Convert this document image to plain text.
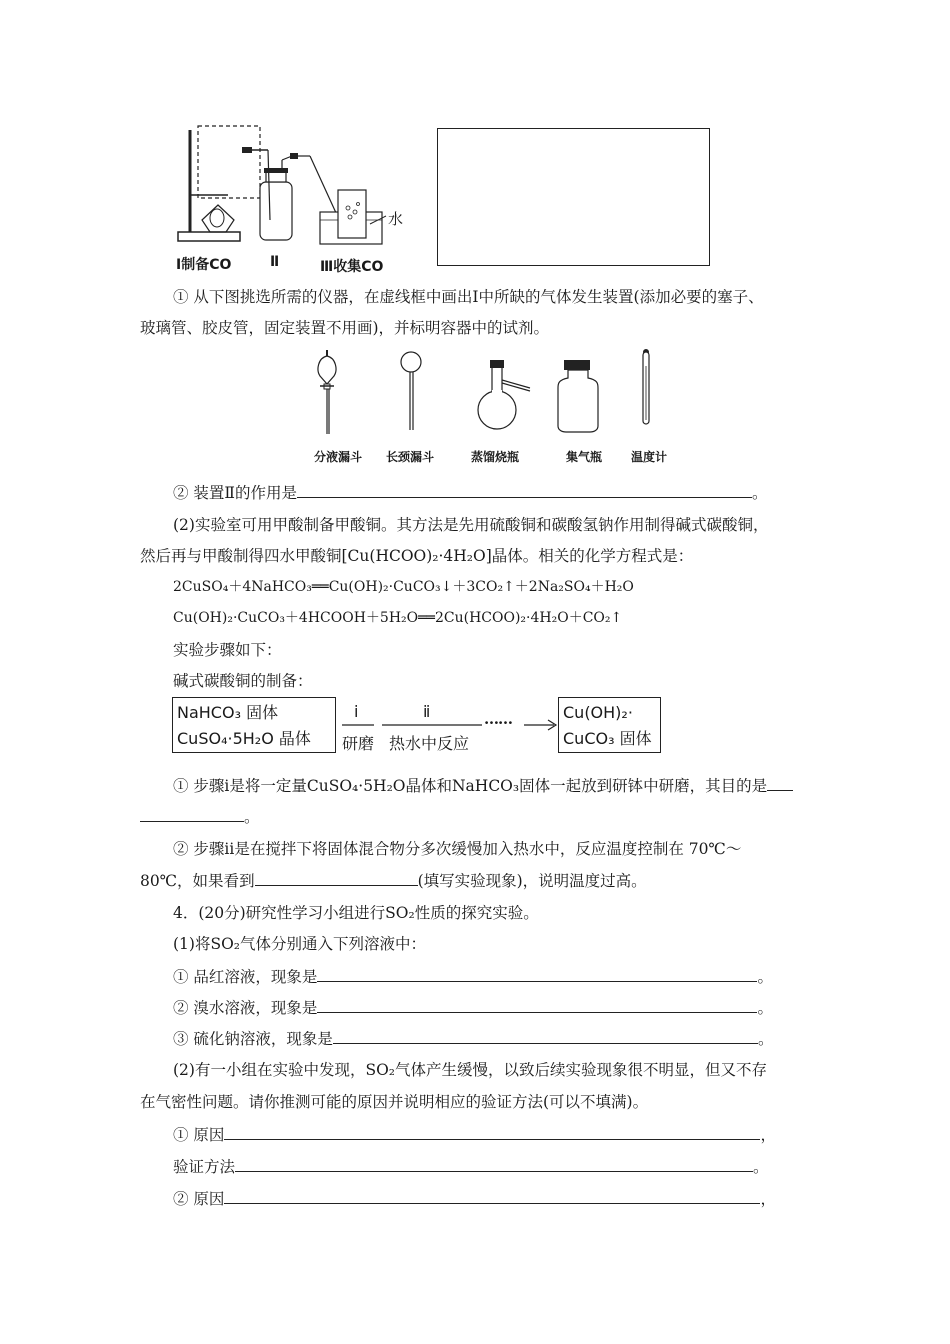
Ⅰ制备CO	Ⅱ	Ⅲ收集CO
水
① 从下图挑选所需的仪器，在虚线框中画出Ⅰ中所缺的气体发生装置(添加必要的塞子、
玻璃管、胶皮管，固定装置不用画)，并标明容器中的试剂。
分液漏斗 长颈漏斗	蒸馏烧瓶	集气瓶 温度计
② 装置Ⅱ的作用是	。
(2)实验室可用甲酸制备甲酸铜。其方法是先用硫酸铜和碳酸氢钠作用制得碱式碳酸铜，
然后再与甲酸制得四水甲酸铜[Cu(HCOO)₂·4H₂O]晶体。相关的化学方程式是：
2CuSO₄＋4NaHCO₃══Cu(OH)₂·CuCO₃↓＋3CO₂↑＋2Na₂SO₄＋H₂O
Cu(OH)₂·CuCO₃＋4HCOOH＋5H₂O══2Cu(HCOO)₂·4H₂O＋CO₂↑
实验步骤如下：
碱式碳酸铜的制备：
NaHCO₃ 固体
CuSO₄·5H₂O 晶体
ⅰ
研磨
ⅱ
热水中反应
……	Cu(OH)₂·
CuCO₃ 固体
① 步骤ⅰ是将一定量CuSO₄·5H₂O晶体和NaHCO₃固体一起放到研钵中研磨，其目的是
。
② 步骤ⅱ是在搅拌下将固体混合物分多次缓慢加入热水中，反应温度控制在 70℃～
80℃，如果看到	(填写实验现象)，说明温度过高。
4．(20分)研究性学习小组进行SO₂性质的探究实验。
(1)将SO₂气体分别通入下列溶液中：
① 品红溶液，现象是	。
② 溴水溶液，现象是	。
③ 硫化钠溶液，现象是	。
(2)有一小组在实验中发现，SO₂气体产生缓慢，以致后续实验现象很不明显，但又不存
在气密性问题。请你推测可能的原因并说明相应的验证方法(可以不填满)。
① 原因	，
验证方法	。
② 原因	，
